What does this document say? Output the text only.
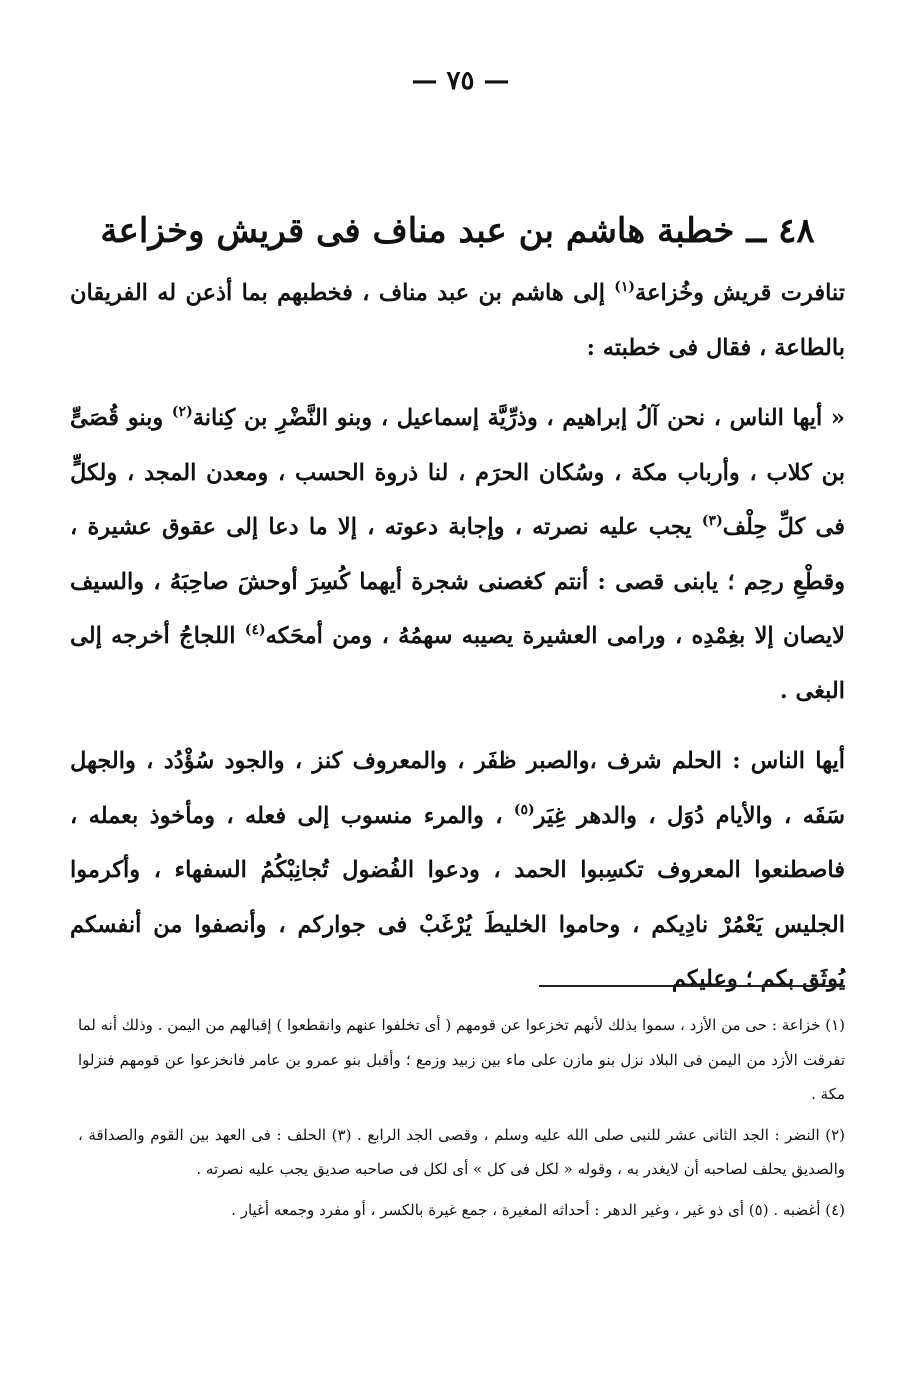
— ٧٥ —
٤٨ ــ خطبة هاشم بن عبد مناف فى قريش وخزاعة

تنافرت قريش وخُزاعة$^{(١)}$ إلى هاشم بن عبد مناف ، فخطبهم بما أذعن له الفريقان بالطاعة ، فقال فى خطبته :

« أيها الناس ، نحن آلُ إبراهيم ، وذرِّيَّة إسماعيل ، وبنو النَّضْرِ بن كِنانة$^{(٢)}$ وبنو قُصَىٍّ بن كلاب ، وأرباب مكة ، وسُكان الحرَم ، لنا ذروة الحسب ، ومعدن المجد ، ولكلٍّ فى كلِّ حِلْف$^{(٣)}$ يجب عليه نصرته ، وإجابة دعوته ، إلا ما دعا إلى عقوق عشيرة ، وقطْعِ رحِم ؛ يابنى قصى : أنتم كغصنى شجرة أيهما كُسِرَ أوحشَ صاحِبَهُ ، والسيف لايصان إلا بغِمْدِه ، ورامى العشيرة يصيبه سهمُهُ ، ومن أمحَكه$^{(٤)}$ اللجاجُ أخرجه إلى البغى .

أيها الناس : الحلم شرف ،والصبر ظفَر ، والمعروف كنز ، والجود سُؤْدُد ، والجهل سَفَه ، والأيام دُوَل ، والدهر غِيَر$^{(٥)}$ ، والمرء منسوب إلى فعله ، ومأخوذ بعمله ، فاصطنعوا المعروف تكسِبوا الحمد ، ودعوا الفُضول تُجانِبْكُمُ السفهاء ، وأكرموا الجليس يَعْمُرْ نادِيكم ، وحاموا الخليطَ يُرْغَبْ فى جواركم ، وأنصفوا من أنفسكم يُوثَق بكم ؛ وعليكم

(١) خزاعة : حى من الأزد ، سموا بذلك لأنهم تخزعوا عن قومهم ( أى تخلفوا عنهم وانقطعوا ) إقبالهم من اليمن . وذلك أنه لما تفرقت الأزد من اليمن فى البلاد نزل بنو مازن على ماء بين زبيد وزمع ؛ وأقبل بنو عمرو بن عامر فانخزعوا عن قومهم فنزلوا مكة .

(٢) النضر : الجد الثانى عشر للنبى صلى الله عليه وسلم ، وقصى الجد الرابع . (٣) الحلف : فى العهد بين القوم والصداقة ، والصديق يحلف لصاحبه أن لايغدر به ، وقوله « لكل فى كل » أى لكل فى صاحبه صديق يجب عليه نصرته .

(٤) أغضبه . (٥) أى ذو غير ، وغير الدهر : أحداثه المغيرة ، جمع غيرة بالكسر ، أو مفرد وجمعه أغيار .
